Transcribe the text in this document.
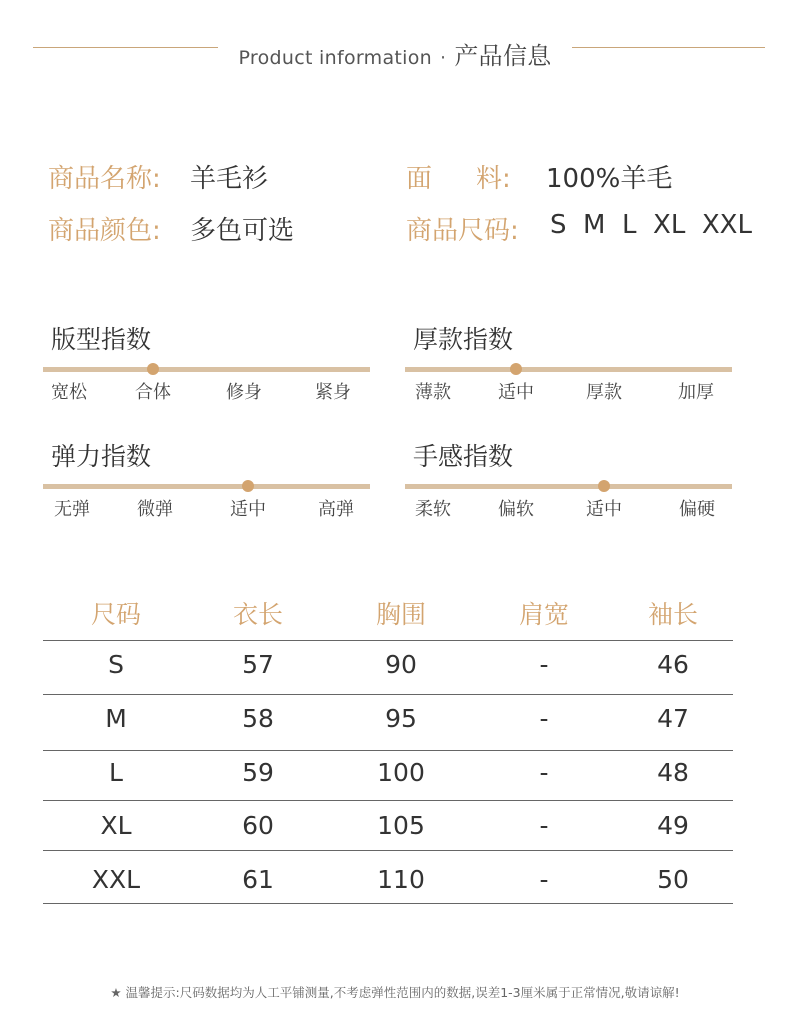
Product information · 产品信息
商品名称: 羊毛衫	面 料: 100%羊毛
商品颜色: 多色可选	商品尺码: S  M  L  XL  XXL
版型指数
宽松	合体	修身	紧身
厚款指数
薄款	适中	厚款	加厚
弹力指数
无弹	微弹	适中	高弹
手感指数
柔软	偏软	适中	偏硬
尺码	衣长	胸围	肩宽	袖长
S	57	90	-	46
M	58	95	-	47
L	59	100	-	48
XL	60	105	-	49
XXL	61	110	-	50
★ 温馨提示:尺码数据均为人工平铺测量,不考虑弹性范围内的数据,误差1-3厘米属于正常情况,敬请谅解!
